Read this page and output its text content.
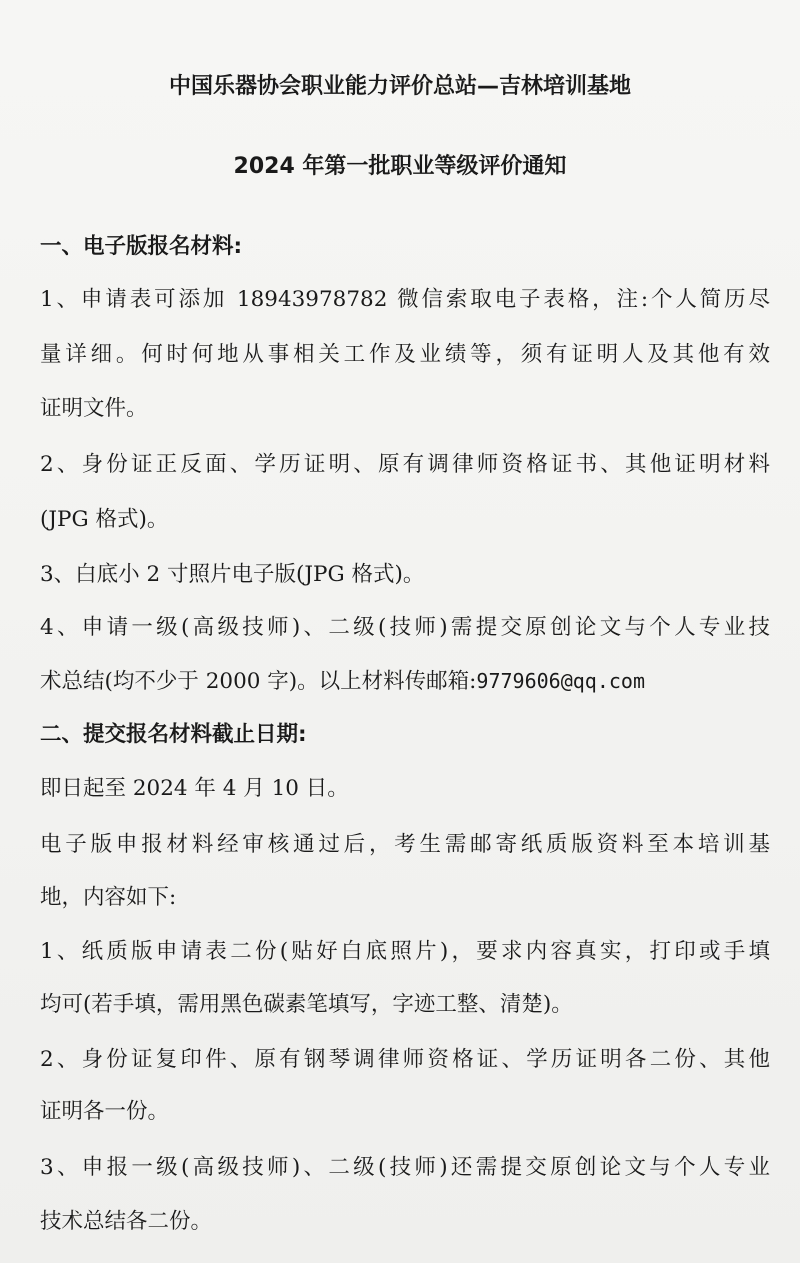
中国乐器协会职业能力评价总站—吉林培训基地
2024 年第一批职业等级评价通知
一、电子版报名材料:
1、申请表可添加 18943978782 微信索取电子表格，注:个人简历尽
量详细。何时何地从事相关工作及业绩等，须有证明人及其他有效
证明文件。
2、身份证正反面、学历证明、原有调律师资格证书、其他证明材料
(JPG 格式)。
3、白底小 2 寸照片电子版(JPG 格式)。
4、申请一级(高级技师)、二级(技师)需提交原创论文与个人专业技
术总结(均不少于 2000 字)。以上材料传邮箱:9779606@qq.com
二、提交报名材料截止日期:
即日起至 2024 年 4 月 10 日。
电子版申报材料经审核通过后，考生需邮寄纸质版资料至本培训基
地，内容如下:
1、纸质版申请表二份(贴好白底照片)，要求内容真实，打印或手填
均可(若手填，需用黑色碳素笔填写，字迹工整、清楚)。
2、身份证复印件、原有钢琴调律师资格证、学历证明各二份、其他
证明各一份。
3、申报一级(高级技师)、二级(技师)还需提交原创论文与个人专业
技术总结各二份。
